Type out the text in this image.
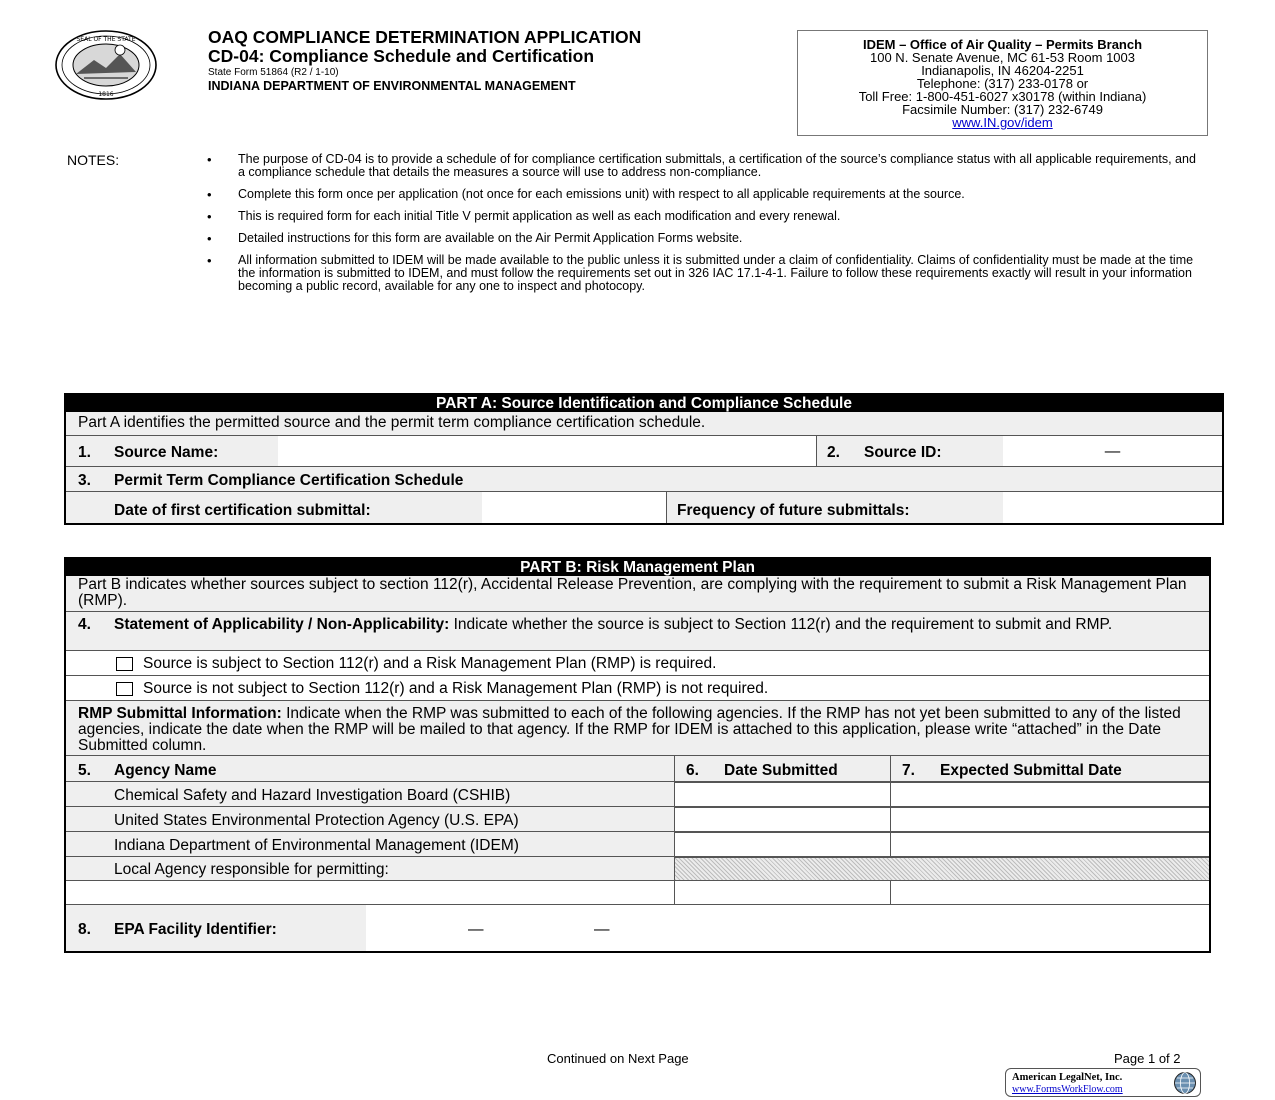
SEAL OF THE STATE
1816
OAQ COMPLIANCE DETERMINATION APPLICATION
CD-04: Compliance Schedule and Certification
State Form 51864 (R2 / 1-10)
INDIANA DEPARTMENT OF ENVIRONMENTAL MANAGEMENT
IDEM – Office of Air Quality – Permits Branch
100 N. Senate Avenue, MC 61-53 Room 1003
Indianapolis, IN 46204-2251
Telephone: (317) 233-0178 or
Toll Free: 1-800-451-6027 x30178 (within Indiana)
Facsimile Number: (317) 232-6749
www.IN.gov/idem
NOTES:
•	The purpose of CD-04 is to provide a schedule of for compliance certification submittals, a certification of the source’s compliance status with all applicable requirements, and a compliance schedule that details the measures a source will use to address non-compliance.
• Complete this form once per application (not once for each emissions unit) with respect to all applicable requirements at the source.
• This is required form for each initial Title V permit application as well as each modification and every renewal.
• Detailed instructions for this form are available on the Air Permit Application Forms website.
• All information submitted to IDEM will be made available to the public unless it is submitted under a claim of confidentiality. Claims of confidentiality must be made at the time the information is submitted to IDEM, and must follow the requirements set out in 326 IAC 17.1-4-1. Failure to follow these requirements exactly will result in your information becoming a public record, available for any one to inspect and photocopy.
PART A: Source Identification and Compliance Schedule
Part A identifies the permitted source and the permit term compliance certification schedule.
1. Source Name:	2. Source ID:	—
3. Permit Term Compliance Certification Schedule
Date of first certification submittal:	Frequency of future submittals:
PART B: Risk Management Plan
Part B indicates whether sources subject to section 112(r), Accidental Release Prevention, are complying with the requirement to submit a Risk Management Plan (RMP).
4. Statement of Applicability / Non-Applicability: Indicate whether the source is subject to Section 112(r) and the requirement to submit and RMP.
Source is subject to Section 112(r) and a Risk Management Plan (RMP) is required.
Source is not subject to Section 112(r) and a Risk Management Plan (RMP) is not required.
RMP Submittal Information: Indicate when the RMP was submitted to each of the following agencies. If the RMP has not yet been submitted to any of the listed agencies, indicate the date when the RMP will be mailed to that agency. If the RMP for IDEM is attached to this application, please write “attached” in the Date Submitted column.
5. Agency Name	6. Date Submitted	7. Expected Submittal Date
Chemical Safety and Hazard Investigation Board (CSHIB)
United States Environmental Protection Agency (U.S. EPA)
Indiana Department of Environmental Management (IDEM)
Local Agency responsible for permitting:
8. EPA Facility Identifier:	—	—
Continued on Next Page	Page 1 of 2
American LegalNet, Inc.
www.FormsWorkFlow.com
